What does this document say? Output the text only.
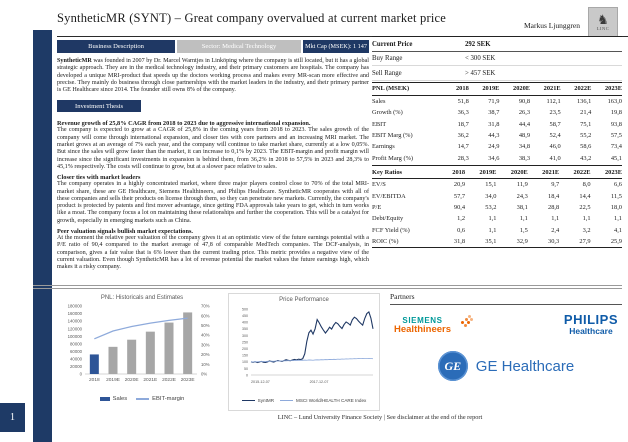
1
SyntheticMR (SYNT) – Great company overvalued at current market price
Markus Ljunggren ♞
LINC
Business Description	Sector: Medical Technology	Mkt Cap (MSEK): 1 147

SyntheticMR was founded in 2007 by Dr. Marcel Warntjes in Linköping where the company is still located, but it has a global strategic approach. They are in the medical technology industry, and their primary customers are hospitals. The company has developed a unique MRI-product that speeds up the doctors working process and makes every MR-scan more effective and precise. They mainly do business through close partnerships with the market leaders in the industry, and their primary partner is GE Healthcare since 2014. The founder still owns 8% of the company.

Investment Thesis

Revenue growth of 25,8% CAGR from 2018 to 2023 due to aggressive international expansion.

The company is expected to grow at a CAGR of 25,8% in the coming years from 2018 to 2023. The sales growth of the company will come through international expansion, and closer ties with core partners and an increasing MRI market. The market grows at an average of 7% each year, and the company will continue to take market share, currently at a low 0,05%. But since the sales will grow faster than the market, it can increase to 0,1% by 2023. The EBIT-margin and profit margin will increase since the significant investments in expansion is behind them, from 36,2% in 2018 to 57,5% in 2023 and 28,3% to 45,1% respectively. The costs will continue to grow, but at a slower pace relative to sales.

Closer ties with market leaders

The company operates in a highly concentrated market, where three major players control close to 70% of the total MRI-market share, these are GE Healthcare, Siemens Healthineers, and Philips Healthcare. SyntheticMR cooperates with all of these companies and sells their products on license through them, so they can penetrate new markets. Currently, the company's product is protected by patents and first mover advantage, since getting FDA approvals take years to get, which in turn works like a moat. The company focus a lot on maintaining these relationships and further the cooperation. This will be a catalyst for growth, especially in emerging markets such as China.

Peer valuation signals bullish market expectations.

At the moment the relative peer valuation of the company gives it at an optimistic view of the future earnings potential with a P/E ratio of 90,4 compared to the market average of 47,8 of comparable MedTech companies. The DCF-analysis, in comparison, gives a fair value that is 6% lower than the current trading price. This metric provides a negative view of the current valuation. Even though SyntheticMR has a lot of revenue potential the market values the future earnings high, which makes it a risky company.

Current Price	292 SEK
Buy Range	< 300 SEK
Sell Range	> 457 SEK
PNL (MSEK)	2018	2019E	2020E	2021E	2022E	2023E
Sales	51,8	71,9	90,8	112,1	136,1	163,0
Growth (%)	36,3	38,7	26,3	23,5	21,4	19,8
EBIT	18,7	31,8	44,4	58,7	75,1	93,8
EBIT Marg (%)	36,2	44,3	48,9	52,4	55,2	57,5
Earnings	14,7	24,9	34,8	46,0	58,6	73,4
Profit Marg (%)	28,3	34,6	38,3	41,0	43,2	45,1
Key Ratios	2018	2019E	2020E	2021E	2022E	2023E
EV/S	20,9	15,1	11,9	9,7	8,0	6,6
EV/EBITDA	57,7	34,0	24,3	18,4	14,4	11,5
P/E	90,4	53,2	38,1	28,8	22,5	18,0
Debt/Equity	1,2	1,1	1,1	1,1	1,1	1,1
FCF Yield (%)	0,6	1,1	1,5	2,4	3,2	4,1
ROIC (%)	31,8	35,1	32,9	30,3	27,9	25,9
PNL: Historicals and Estimates
180000
160000
140000
120000
100000
80000
60000
40000
20000
0
70%
60%
50%
40%
30%
20%
10%
0%
2018 2019E 2020E 2021E 2022E 2023E
Sales	EBIT-margin
Price Performance
500
450
400
350
300
250
200
150
100
50
0
2015-12-07	2017-12-07
SyntMR	MSCI World/HEALTH CARE Index
Partners
SIEMENS
Healthineers
PHILIPS
Healthcare
GE GE Healthcare
LINC – Lund University Finance Society | See disclaimer at the end of the report
